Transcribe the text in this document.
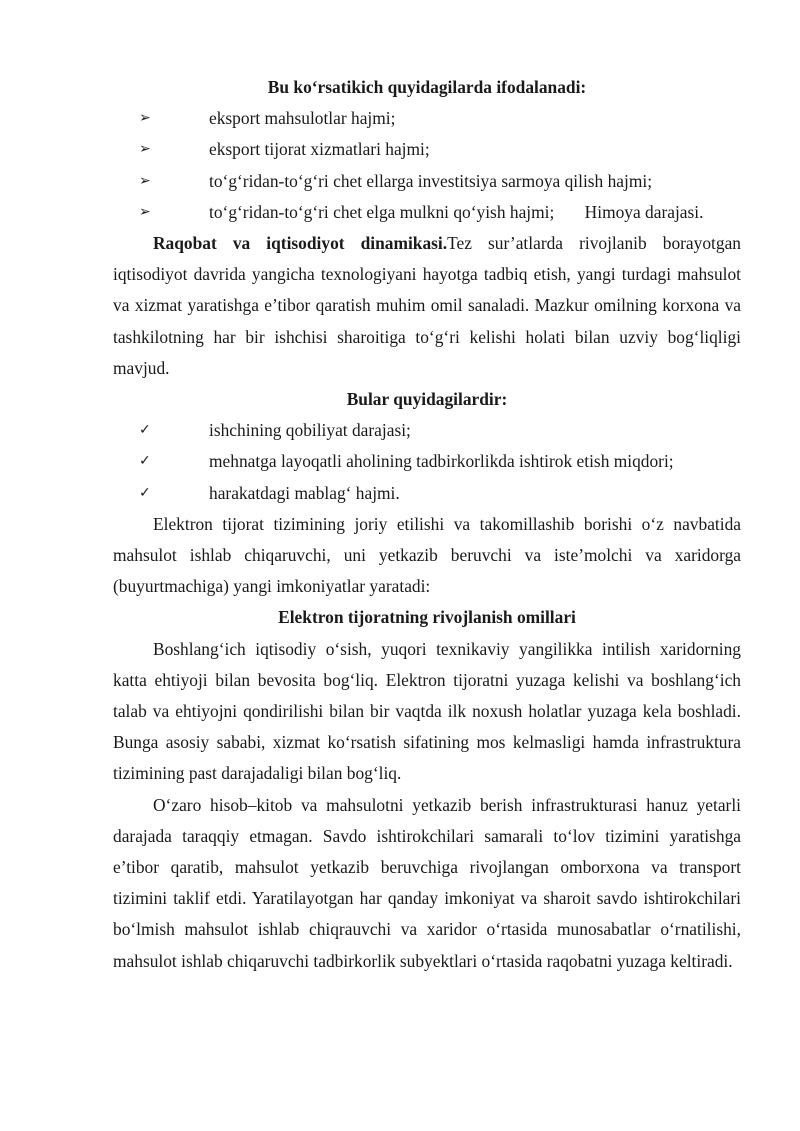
Bu ko‘rsatikich quyidagilarda ifodalanadi:

➢	eksport mahsulotlar hajmi;
➢	eksport tijorat xizmatlari hajmi;
➢	to‘g‘ridan-to‘g‘ri chet ellarga investitsiya sarmoya qilish hajmi;
➢	to‘g‘ridan-to‘g‘ri chet elga mulkni qo‘yish hajmi; Himoya darajasi.

Raqobat va iqtisodiyot dinamikasi.Tez sur’atlarda rivojlanib borayotgan iqtisodiyot davrida yangicha texnologiyani hayotga tadbiq etish, yangi turdagi mahsulot va xizmat yaratishga e’tibor qaratish muhim omil sanaladi. Mazkur omilning korxona va tashkilotning har bir ishchisi sharoitiga to‘g‘ri kelishi holati bilan uzviy bog‘liqligi mavjud.

Bular quyidagilardir:

✓	ishchining qobiliyat darajasi;
✓	mehnatga layoqatli aholining tadbirkorlikda ishtirok etish miqdori;
✓	harakatdagi mablag‘ hajmi.

Elektron tijorat tizimining joriy etilishi va takomillashib borishi o‘z navbatida mahsulot ishlab chiqaruvchi, uni yetkazib beruvchi va iste’molchi va xaridorga (buyurtmachiga) yangi imkoniyatlar yaratadi:

Elektron tijoratning rivojlanish omillari

Boshlang‘ich iqtisodiy o‘sish, yuqori texnikaviy yangilikka intilish xaridorning katta ehtiyoji bilan bevosita bog‘liq. Elektron tijoratni yuzaga kelishi va boshlang‘ich talab va ehtiyojni qondirilishi bilan bir vaqtda ilk noxush holatlar yuzaga kela boshladi. Bunga asosiy sababi, xizmat ko‘rsatish sifatining mos kelmasligi hamda infrastruktura tizimining past darajadaligi bilan bog‘liq.

O‘zaro hisob–kitob va mahsulotni yetkazib berish infrastrukturasi hanuz yetarli darajada taraqqiy etmagan. Savdo ishtirokchilari samarali to‘lov tizimini yaratishga e’tibor qaratib, mahsulot yetkazib beruvchiga rivojlangan omborxona va transport tizimini taklif etdi. Yaratilayotgan har qanday imkoniyat va sharoit savdo ishtirokchilari bo‘lmish mahsulot ishlab chiqrauvchi va xaridor o‘rtasida munosabatlar o‘rnatilishi, mahsulot ishlab chiqaruvchi tadbirkorlik subyektlari o‘rtasida raqobatni yuzaga keltiradi.
